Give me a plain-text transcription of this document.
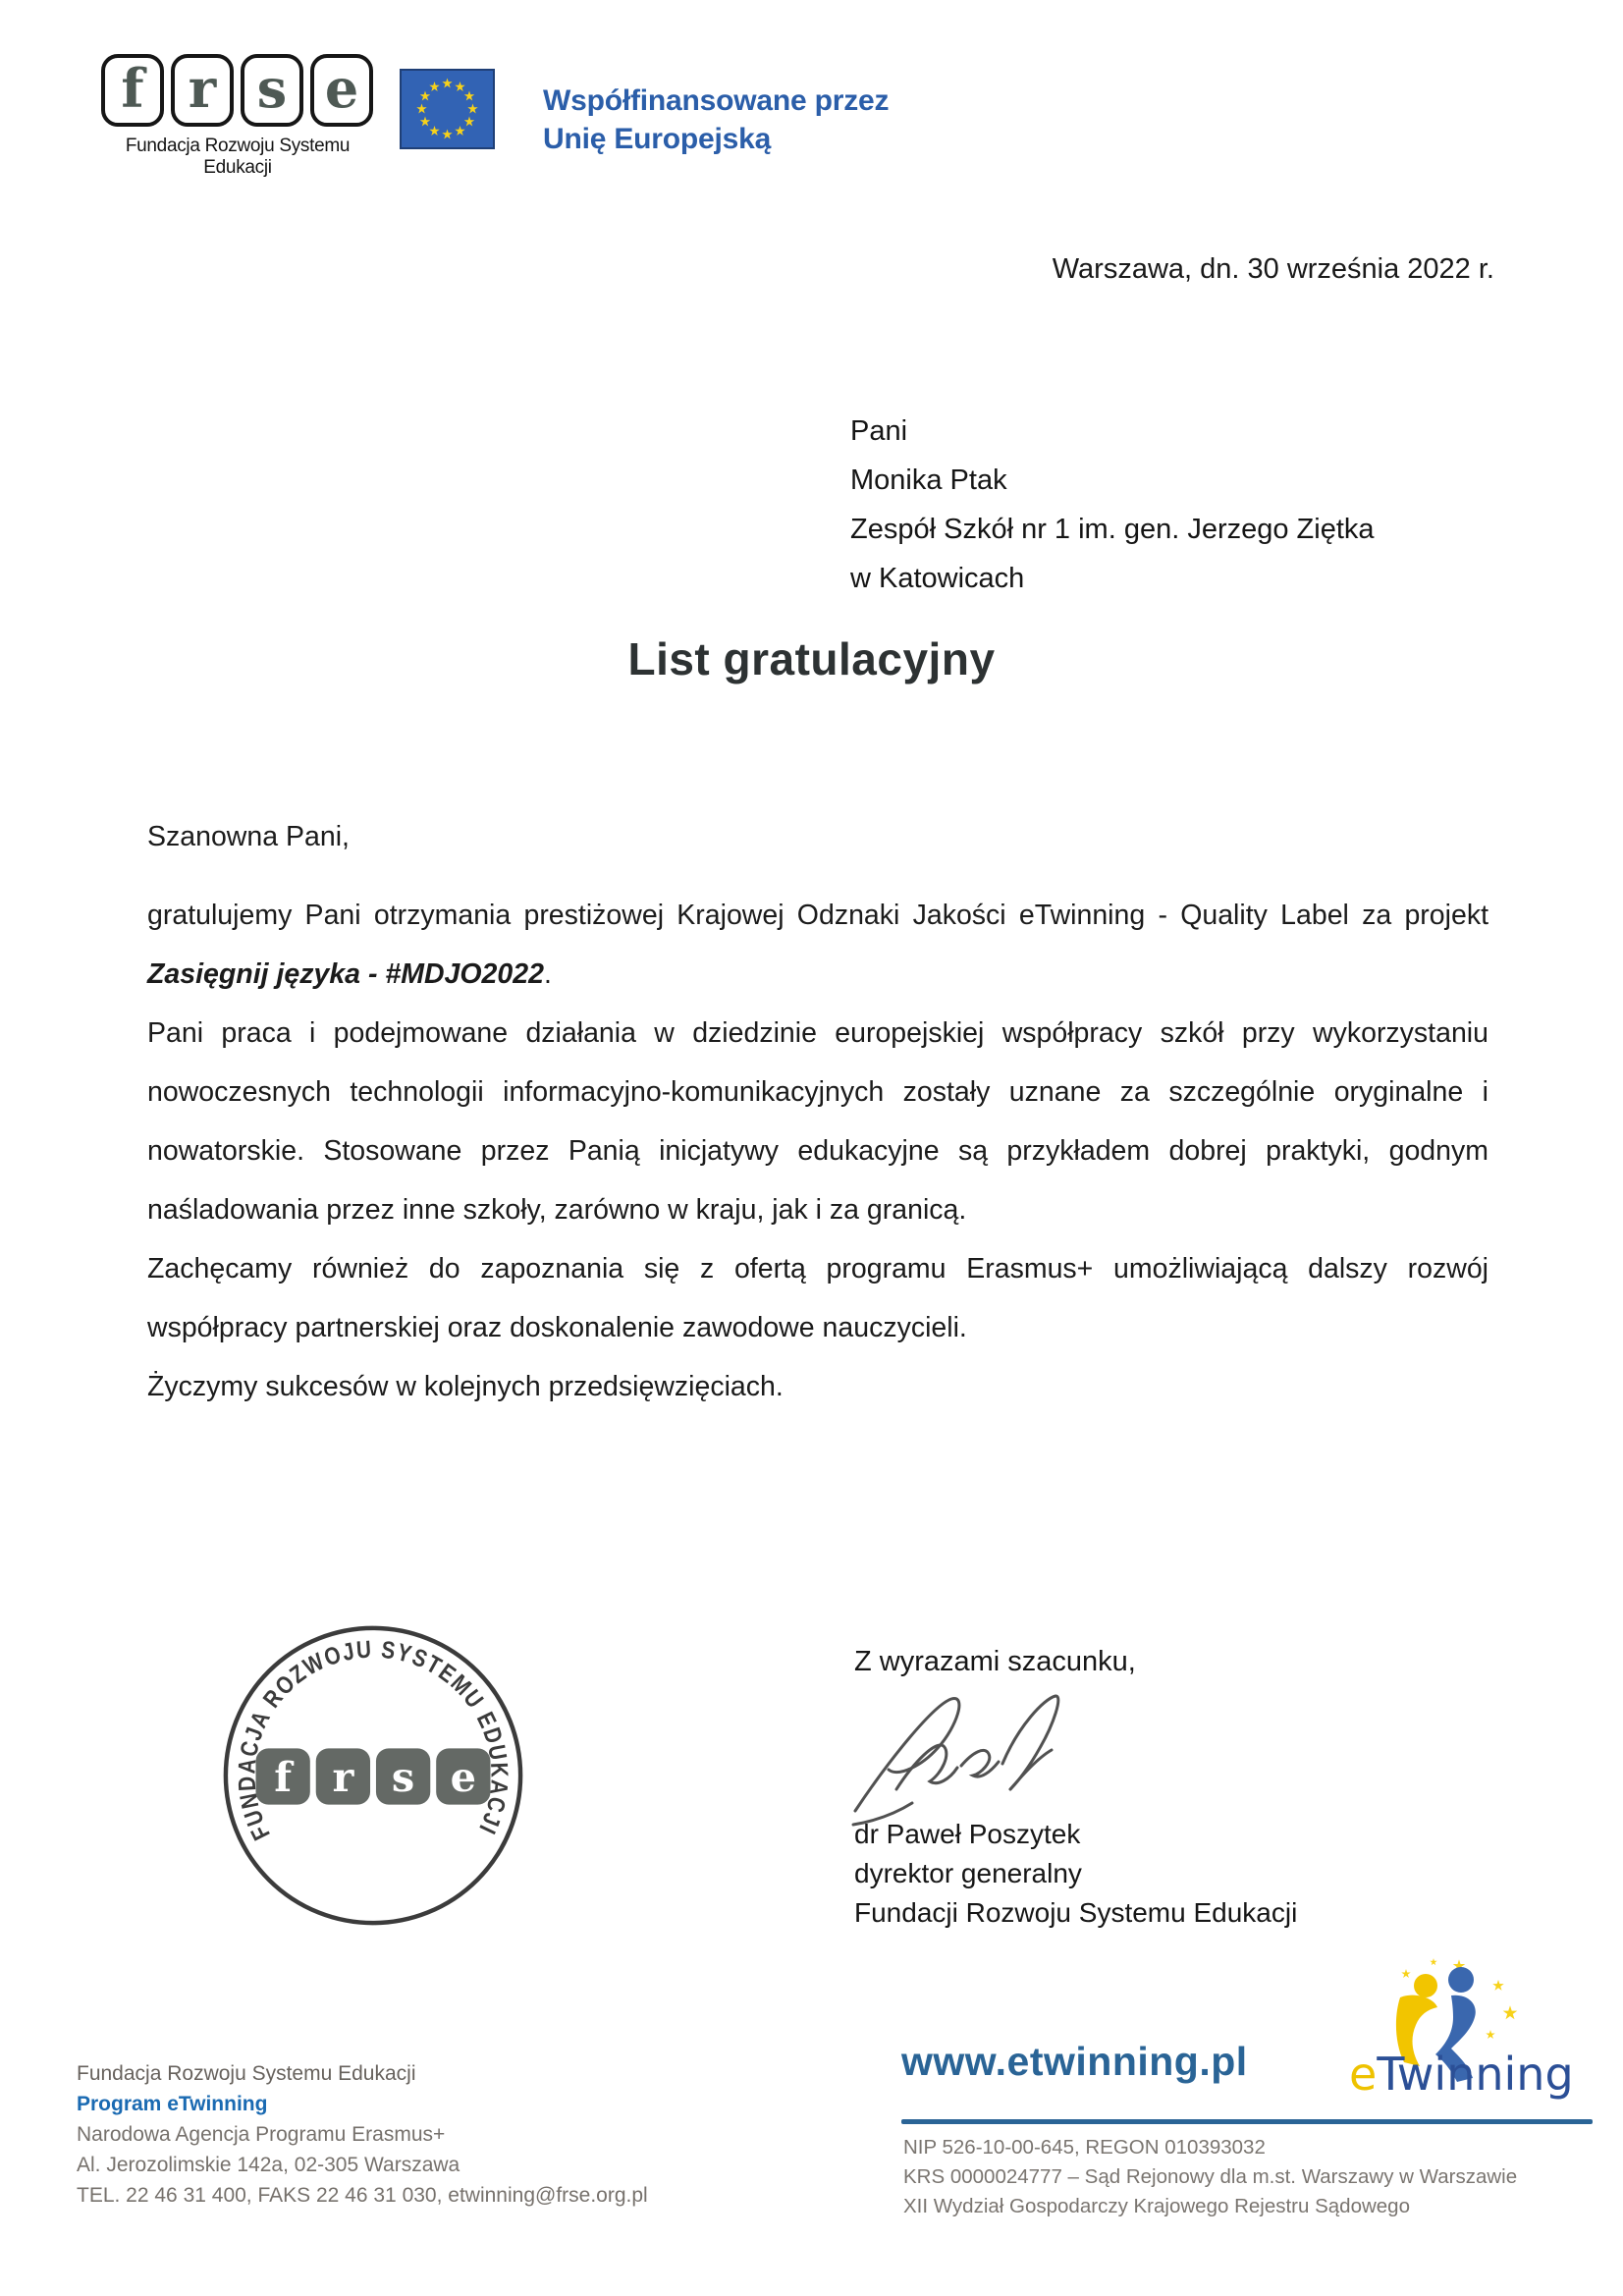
f r s e
Fundacja Rozwoju Systemu Edukacji
Współfinansowane przez
Unię Europejską
Warszawa, dn. 30 września 2022 r.
Pani
Monika Ptak
Zespół Szkół nr 1 im. gen. Jerzego Ziętka
w Katowicach
List gratulacyjny

Szanowna Pani,

gratulujemy Pani otrzymania prestiżowej Krajowej Odznaki Jakości eTwinning - Quality Label za projekt Zasięgnij języka - #MDJO2022.

Pani praca i podejmowane działania w dziedzinie europejskiej współpracy szkół przy wykorzystaniu nowoczesnych technologii informacyjno-komunikacyjnych zostały uznane za szczególnie oryginalne i nowatorskie. Stosowane przez Panią inicjatywy edukacyjne są przykładem dobrej praktyki, godnym naśladowania przez inne szkoły, zarówno w kraju, jak i za granicą.

Zachęcamy również do zapoznania się z ofertą programu Erasmus+ umożliwiającą dalszy rozwój współpracy partnerskiej oraz doskonalenie zawodowe nauczycieli.

Życzymy sukcesów w kolejnych przedsięwzięciach.

FUNDACJA ROZWOJU SYSTEMU EDUKACJI
f r s e
Z wyrazami szacunku,
dr Paweł Poszytek
dyrektor generalny
Fundacji Rozwoju Systemu Edukacji
Fundacja Rozwoju Systemu Edukacji
Program eTwinning
Narodowa Agencja Programu Erasmus+
Al. Jerozolimskie 142a, 02-305 Warszawa
TEL. 22 46 31 400, FAKS 22 46 31 030, etwinning@frse.org.pl
www.etwinning.pl eTwinning
NIP 526-10-00-645, REGON 010393032
KRS 0000024777 – Sąd Rejonowy dla m.st. Warszawy w Warszawie
XII Wydział Gospodarczy Krajowego Rejestru Sądowego
